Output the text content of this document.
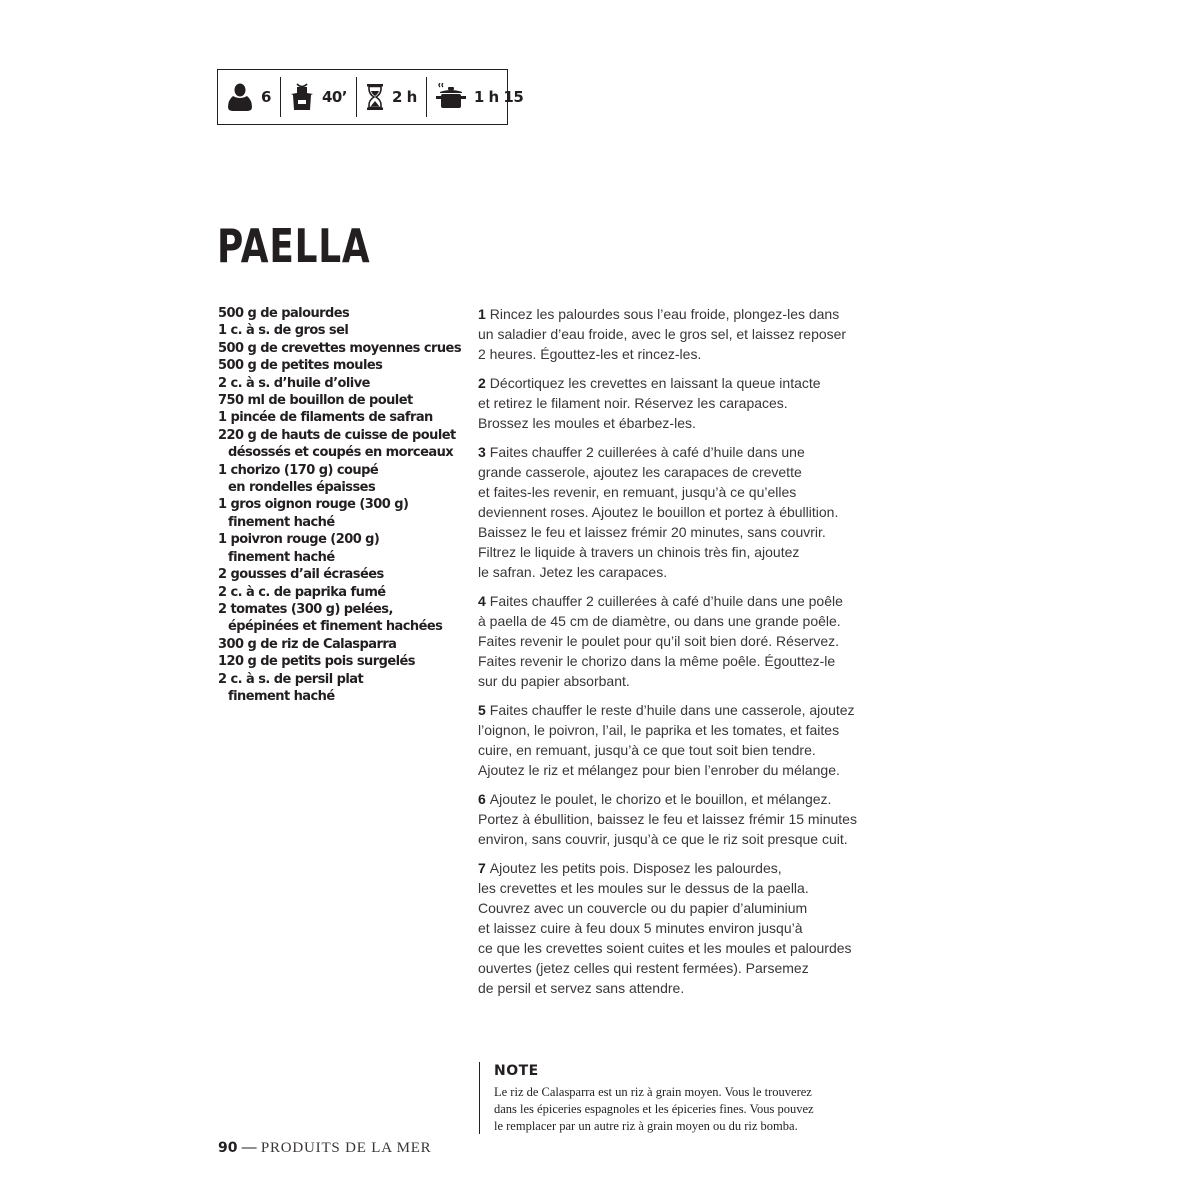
6	40’	2 h	1 h 15
PAELLA
500 g de palourdes
1 c. à s. de gros sel
500 g de crevettes moyennes crues
500 g de petites moules
2 c. à s. d’huile d’olive
750 ml de bouillon de poulet
1 pincée de filaments de safran
220 g de hauts de cuisse de poulet
désossés et coupés en morceaux
1 chorizo (170 g) coupé
en rondelles épaisses
1 gros oignon rouge (300 g)
finement haché
1 poivron rouge (200 g)
finement haché
2 gousses d’ail écrasées
2 c. à c. de paprika fumé
2 tomates (300 g) pelées,
épépinées et finement hachées
300 g de riz de Calasparra
120 g de petits pois surgelés
2 c. à s. de persil plat
finement haché

1 Rincez les palourdes sous l’eau froide, plongez-les dans
un saladier d’eau froide, avec le gros sel, et laissez reposer
2 heures. Égouttez-les et rincez-les.

2 Décortiquez les crevettes en laissant la queue intacte
et retirez le filament noir. Réservez les carapaces.
Brossez les moules et ébarbez-les.

3 Faites chauffer 2 cuillerées à café d’huile dans une
grande casserole, ajoutez les carapaces de crevette
et faites-les revenir, en remuant, jusqu’à ce qu’elles
deviennent roses. Ajoutez le bouillon et portez à ébullition.
Baissez le feu et laissez frémir 20 minutes, sans couvrir.
Filtrez le liquide à travers un chinois très fin, ajoutez
le safran. Jetez les carapaces.

4 Faites chauffer 2 cuillerées à café d’huile dans une poêle
à paella de 45 cm de diamètre, ou dans une grande poêle.
Faites revenir le poulet pour qu’il soit bien doré. Réservez.
Faites revenir le chorizo dans la même poêle. Égouttez-le
sur du papier absorbant.

5 Faites chauffer le reste d’huile dans une casserole, ajoutez
l’oignon, le poivron, l’ail, le paprika et les tomates, et faites
cuire, en remuant, jusqu’à ce que tout soit bien tendre.
Ajoutez le riz et mélangez pour bien l’enrober du mélange.

6 Ajoutez le poulet, le chorizo et le bouillon, et mélangez.
Portez à ébullition, baissez le feu et laissez frémir 15 minutes
environ, sans couvrir, jusqu’à ce que le riz soit presque cuit.

7 Ajoutez les petits pois. Disposez les palourdes,
les crevettes et les moules sur le dessus de la paella.
Couvrez avec un couvercle ou du papier d’aluminium
et laissez cuire à feu doux 5 minutes environ jusqu’à
ce que les crevettes soient cuites et les moules et palourdes
ouvertes (jetez celles qui restent fermées). Parsemez
de persil et servez sans attendre.

NOTE

Le riz de Calasparra est un riz à grain moyen. Vous le trouverez
dans les épiceries espagnoles et les épiceries fines. Vous pouvez
le remplacer par un autre riz à grain moyen ou du riz bomba.

90 — PRODUITS DE LA MER
